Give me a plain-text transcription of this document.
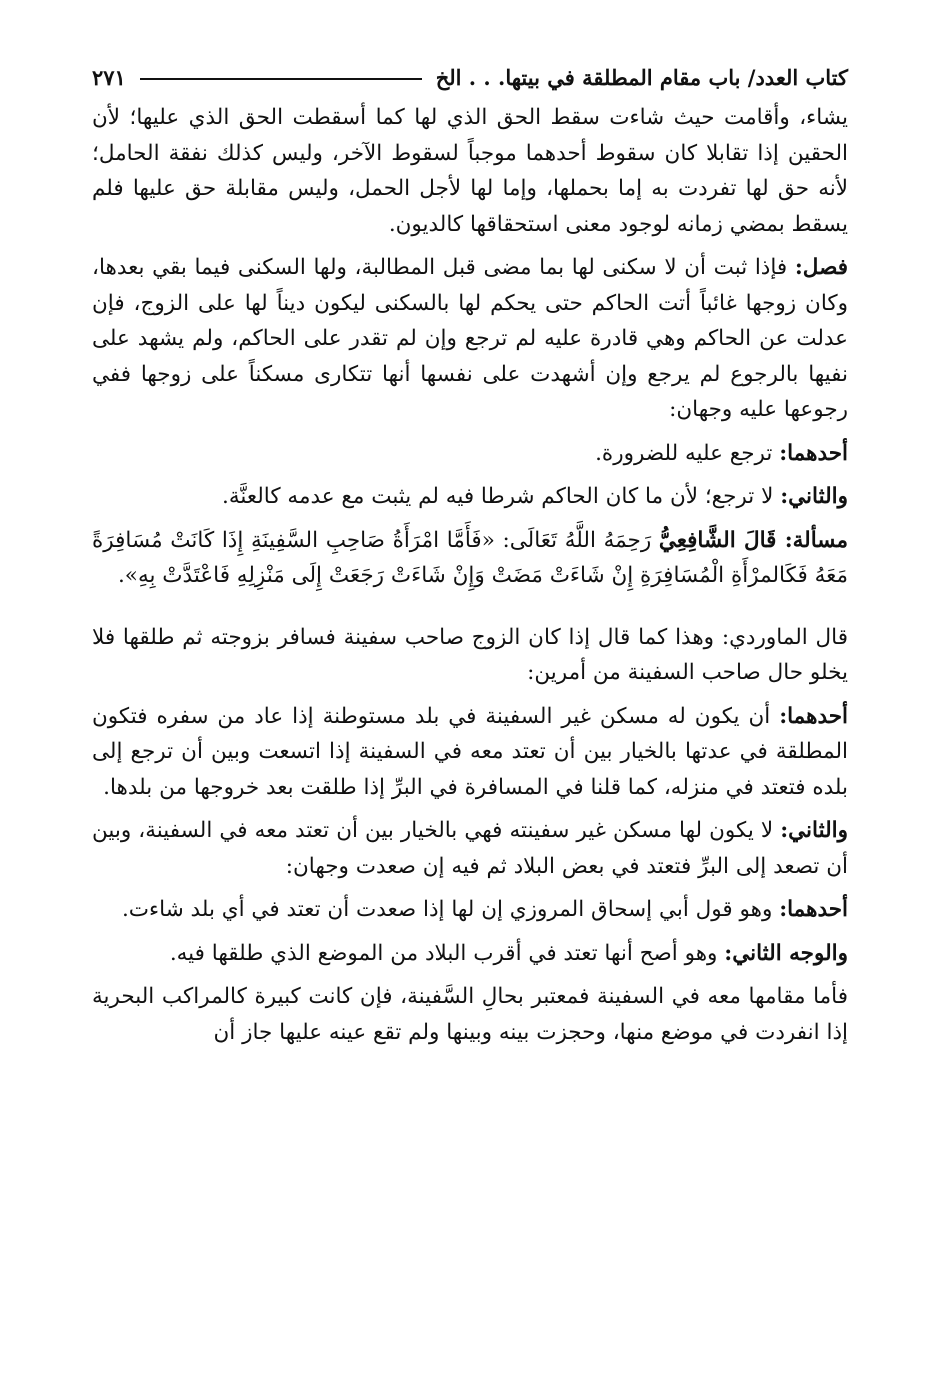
كتاب العدد/ باب مقام المطلقة في بيتها. . . الخ
٢٧١

يشاء، وأقامت حيث شاءت سقط الحق الذي لها كما أسقطت الحق الذي عليها؛ لأن الحقين إذا تقابلا كان سقوط أحدهما موجباً لسقوط الآخر، وليس كذلك نفقة الحامل؛ لأنه حق لها تفردت به إما بحملها، وإما لها لأجل الحمل، وليس مقابلة حق عليها فلم يسقط بمضي زمانه لوجود معنى استحقاقها كالديون.

فصل: فإذا ثبت أن لا سكنى لها بما مضى قبل المطالبة، ولها السكنى فيما بقي بعدها، وكان زوجها غائباً أتت الحاكم حتى يحكم لها بالسكنى ليكون ديناً لها على الزوج، فإن عدلت عن الحاكم وهي قادرة عليه لم ترجع وإن لم تقدر على الحاكم، ولم يشهد على نفيها بالرجوع لم يرجع وإن أشهدت على نفسها أنها تتكارى مسكناً على زوجها ففي رجوعها عليه وجهان:

أحدهما: ترجع عليه للضرورة.

والثاني: لا ترجع؛ لأن ما كان الحاكم شرطا فيه لم يثبت مع عدمه كالعنَّة.

مسألة: قَالَ الشَّافِعِيُّ رَحِمَهُ اللَّهُ تَعَالَى: «فَأَمَّا امْرَأَةُ صَاحِبِ السَّفِينَةِ إِذَا كَانَتْ مُسَافِرَةً مَعَهُ فَكَالمرْأَةِ الْمُسَافِرَةِ إِنْ شَاءَتْ مَضَتْ وَإِنْ شَاءَتْ رَجَعَتْ إِلَى مَنْزِلِهِ فَاعْتَدَّتْ بِهِ».

قال الماوردي: وهذا كما قال إذا كان الزوج صاحب سفينة فسافر بزوجته ثم طلقها فلا يخلو حال صاحب السفينة من أمرين:

أحدهما: أن يكون له مسكن غير السفينة في بلد مستوطنة إذا عاد من سفره فتكون المطلقة في عدتها بالخيار بين أن تعتد معه في السفينة إذا اتسعت وبين أن ترجع إلى بلده فتعتد في منزله، كما قلنا في المسافرة في البرِّ إذا طلقت بعد خروجها من بلدها.

والثاني: لا يكون لها مسكن غير سفينته فهي بالخيار بين أن تعتد معه في السفينة، وبين أن تصعد إلى البرِّ فتعتد في بعض البلاد ثم فيه إن صعدت وجهان:

أحدهما: وهو قول أبي إسحاق المروزي إن لها إذا صعدت أن تعتد في أي بلد شاءت.

والوجه الثاني: وهو أصح أنها تعتد في أقرب البلاد من الموضع الذي طلقها فيه.

فأما مقامها معه في السفينة فمعتبر بحالِ السَّفينة، فإن كانت كبيرة كالمراكب البحرية إذا انفردت في موضع منها، وحجزت بينه وبينها ولم تقع عينه عليها جاز أن
